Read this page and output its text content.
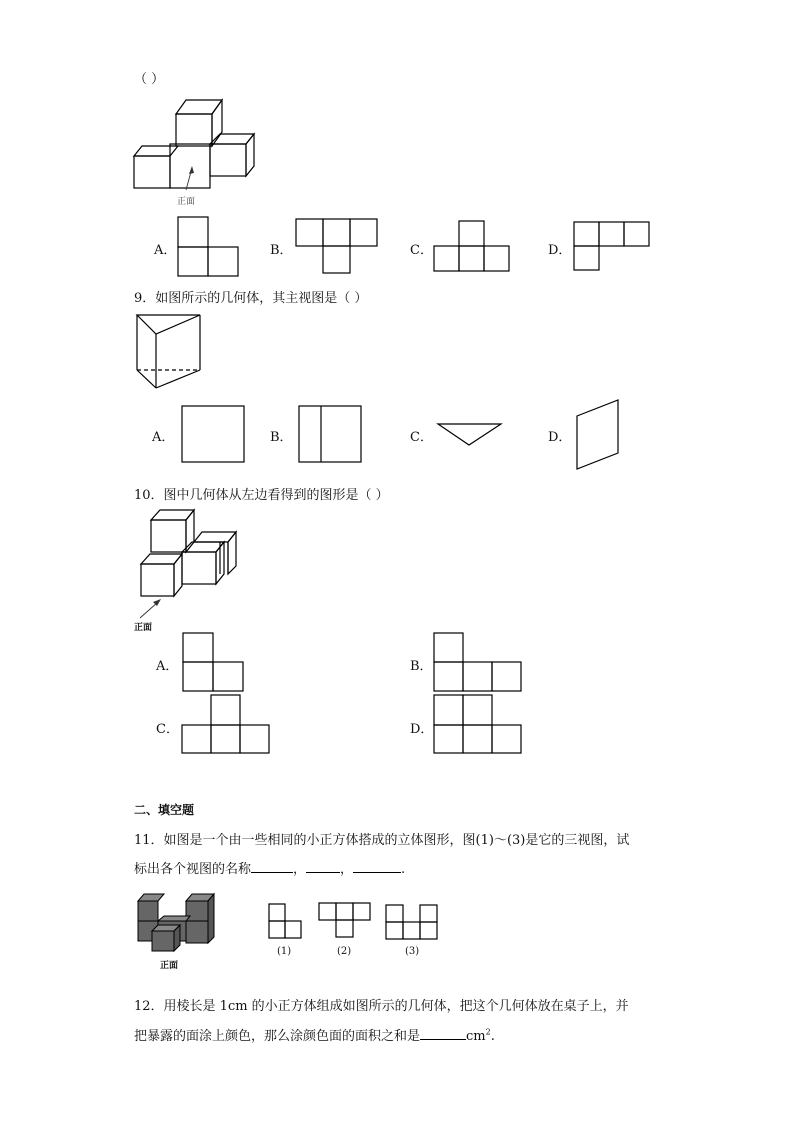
（ ）
正面
A．	B．	C．	D．
9．如图所示的几何体，其主视图是（ ）
A．	B．	C．	D．
10．图中几何体从左边看得到的图形是（ ）
正面
A．	B．
C．	D．
二、填空题
11．如图是一个由一些相同的小正方体搭成的立体图形，图(1)～(3)是它的三视图，试
标出各个视图的名称	，	，	.
正面
(1)	(2)	(3)
12．用棱长是 1cm 的小正方体组成如图所示的几何体，把这个几何体放在桌子上，并
把暴露的面涂上颜色，那么涂颜色面的面积之和是	$cm^2$.
